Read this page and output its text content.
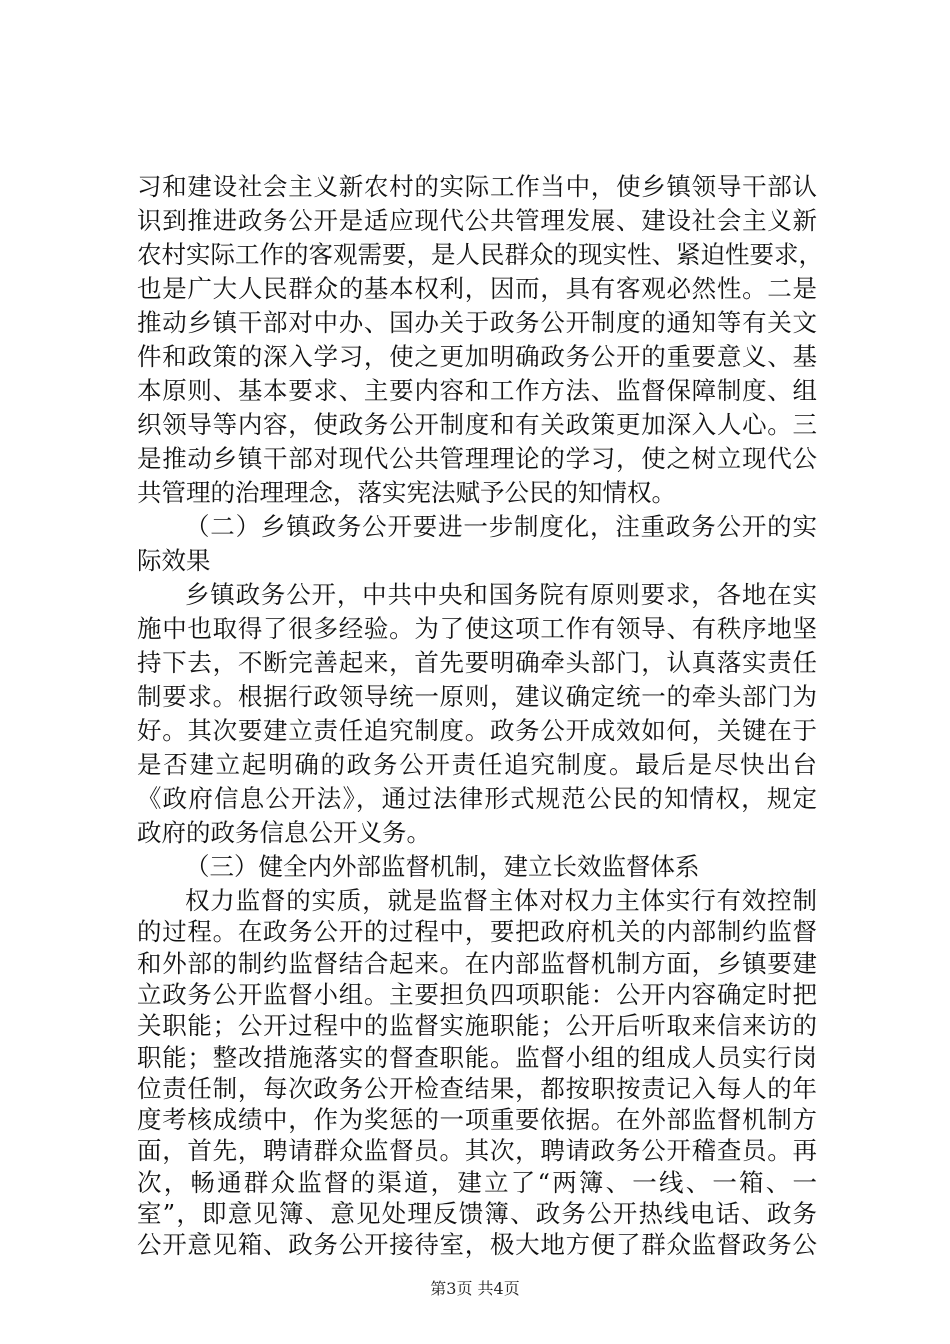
习和建设社会主义新农村的实际工作当中，使乡镇领导干部认
识到推进政务公开是适应现代公共管理发展、建设社会主义新
农村实际工作的客观需要，是人民群众的现实性、紧迫性要求，
也是广大人民群众的基本权利，因而，具有客观必然性。二是
推动乡镇干部对中办、国办关于政务公开制度的通知等有关文
件和政策的深入学习，使之更加明确政务公开的重要意义、基
本原则、基本要求、主要内容和工作方法、监督保障制度、组
织领导等内容，使政务公开制度和有关政策更加深入人心。三
是推动乡镇干部对现代公共管理理论的学习，使之树立现代公
共管理的治理理念，落实宪法赋予公民的知情权。
（二）乡镇政务公开要进一步制度化，注重政务公开的实
际效果
乡镇政务公开，中共中央和国务院有原则要求，各地在实
施中也取得了很多经验。为了使这项工作有领导、有秩序地坚
持下去，不断完善起来，首先要明确牵头部门，认真落实责任
制要求。根据行政领导统一原则，建议确定统一的牵头部门为
好。其次要建立责任追究制度。政务公开成效如何，关键在于
是否建立起明确的政务公开责任追究制度。最后是尽快出台
《政府信息公开法》，通过法律形式规范公民的知情权，规定
政府的政务信息公开义务。
（三）健全内外部监督机制，建立长效监督体系
权力监督的实质，就是监督主体对权力主体实行有效控制
的过程。在政务公开的过程中，要把政府机关的内部制约监督
和外部的制约监督结合起来。在内部监督机制方面，乡镇要建
立政务公开监督小组。主要担负四项职能：公开内容确定时把
关职能；公开过程中的监督实施职能；公开后听取来信来访的
职能；整改措施落实的督查职能。监督小组的组成人员实行岗
位责任制，每次政务公开检查结果，都按职按责记入每人的年
度考核成绩中，作为奖惩的一项重要依据。在外部监督机制方
面，首先，聘请群众监督员。其次，聘请政务公开稽查员。再
次，畅通群众监督的渠道，建立了“两簿、一线、一箱、一
室”，即意见簿、意见处理反馈簿、政务公开热线电话、政务
公开意见箱、政务公开接待室，极大地方便了群众监督政务公
第3页 共4页
